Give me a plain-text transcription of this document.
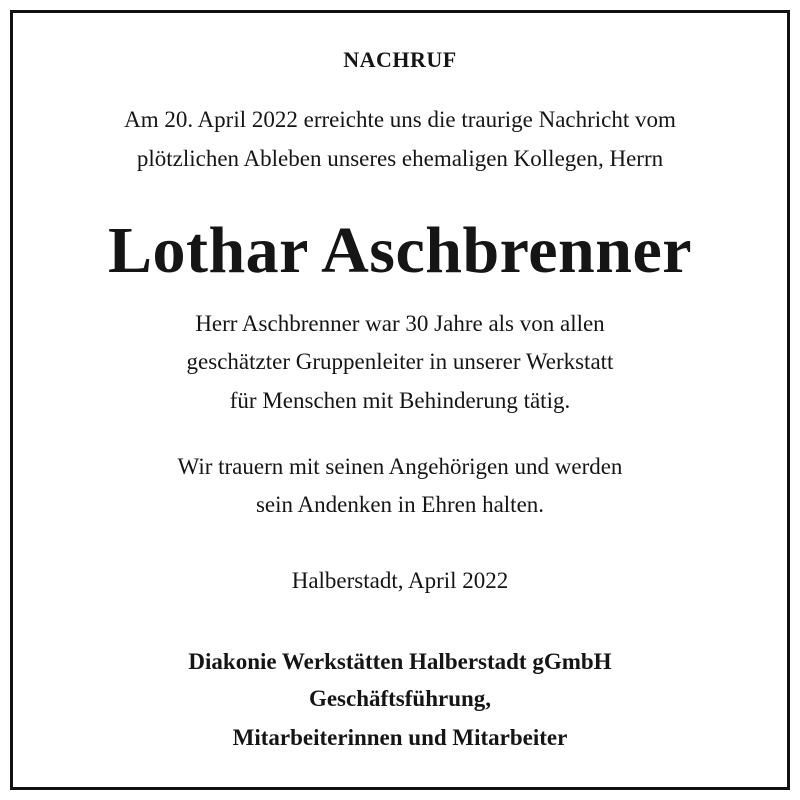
NACHRUF
Am 20. April 2022 erreichte uns die traurige Nachricht vom
plötzlichen Ableben unseres ehemaligen Kollegen, Herrn
Lothar Aschbrenner
Herr Aschbrenner war 30 Jahre als von allen
geschätzter Gruppenleiter in unserer Werkstatt
für Menschen mit Behinderung tätig.
Wir trauern mit seinen Angehörigen und werden
sein Andenken in Ehren halten.
Halberstadt, April 2022
Diakonie Werkstätten Halberstadt gGmbH
Geschäftsführung,
Mitarbeiterinnen und Mitarbeiter
